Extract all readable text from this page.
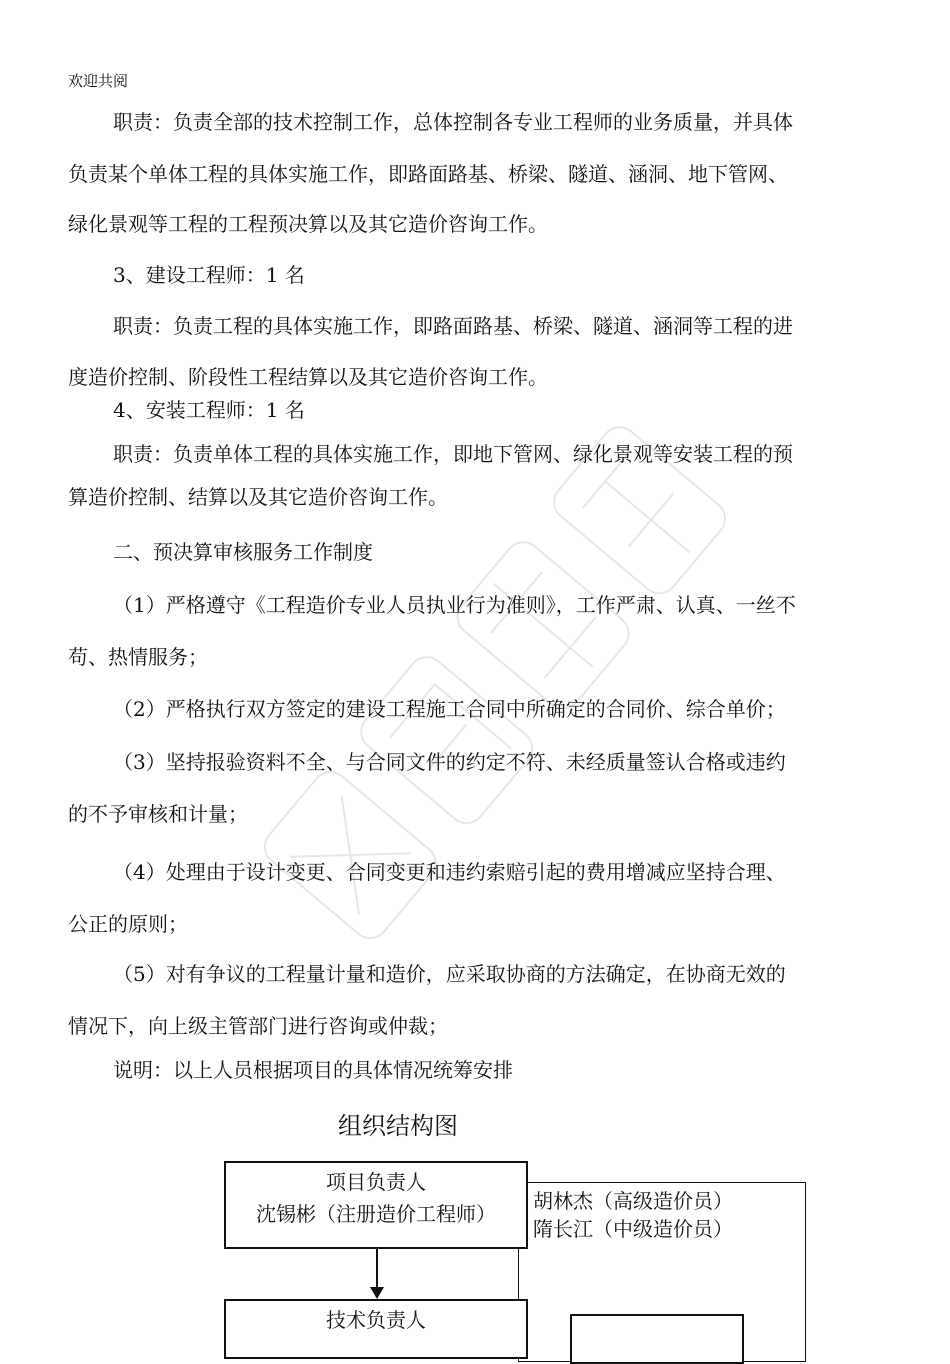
欢迎共阅
职责：负责全部的技术控制工作，总体控制各专业工程师的业务质量，并具体
负责某个单体工程的具体实施工作，即路面路基、桥梁、隧道、涵洞、地下管网、
绿化景观等工程的工程预决算以及其它造价咨询工作。
3、建设工程师：1 名
职责：负责工程的具体实施工作，即路面路基、桥梁、隧道、涵洞等工程的进
度造价控制、阶段性工程结算以及其它造价咨询工作。
4、安装工程师：1 名
职责：负责单体工程的具体实施工作，即地下管网、绿化景观等安装工程的预
算造价控制、结算以及其它造价咨询工作。
二、预决算审核服务工作制度
（1）严格遵守《工程造价专业人员执业行为准则》，工作严肃、认真、一丝不
苟、热情服务；
（2）严格执行双方签定的建设工程施工合同中所确定的合同价、综合单价；
（3）坚持报验资料不全、与合同文件的约定不符、未经质量签认合格或违约
的不予审核和计量；
（4）处理由于设计变更、合同变更和违约索赔引起的费用增减应坚持合理、
公正的原则；
（5）对有争议的工程量计量和造价，应采取协商的方法确定，在协商无效的
情况下，向上级主管部门进行咨询或仲裁；
说明：以上人员根据项目的具体情况统筹安排
组织结构图
胡林杰（高级造价员）
隋长江（中级造价员）
项目负责人
沈锡彬（注册造价工程师）
技术负责人
